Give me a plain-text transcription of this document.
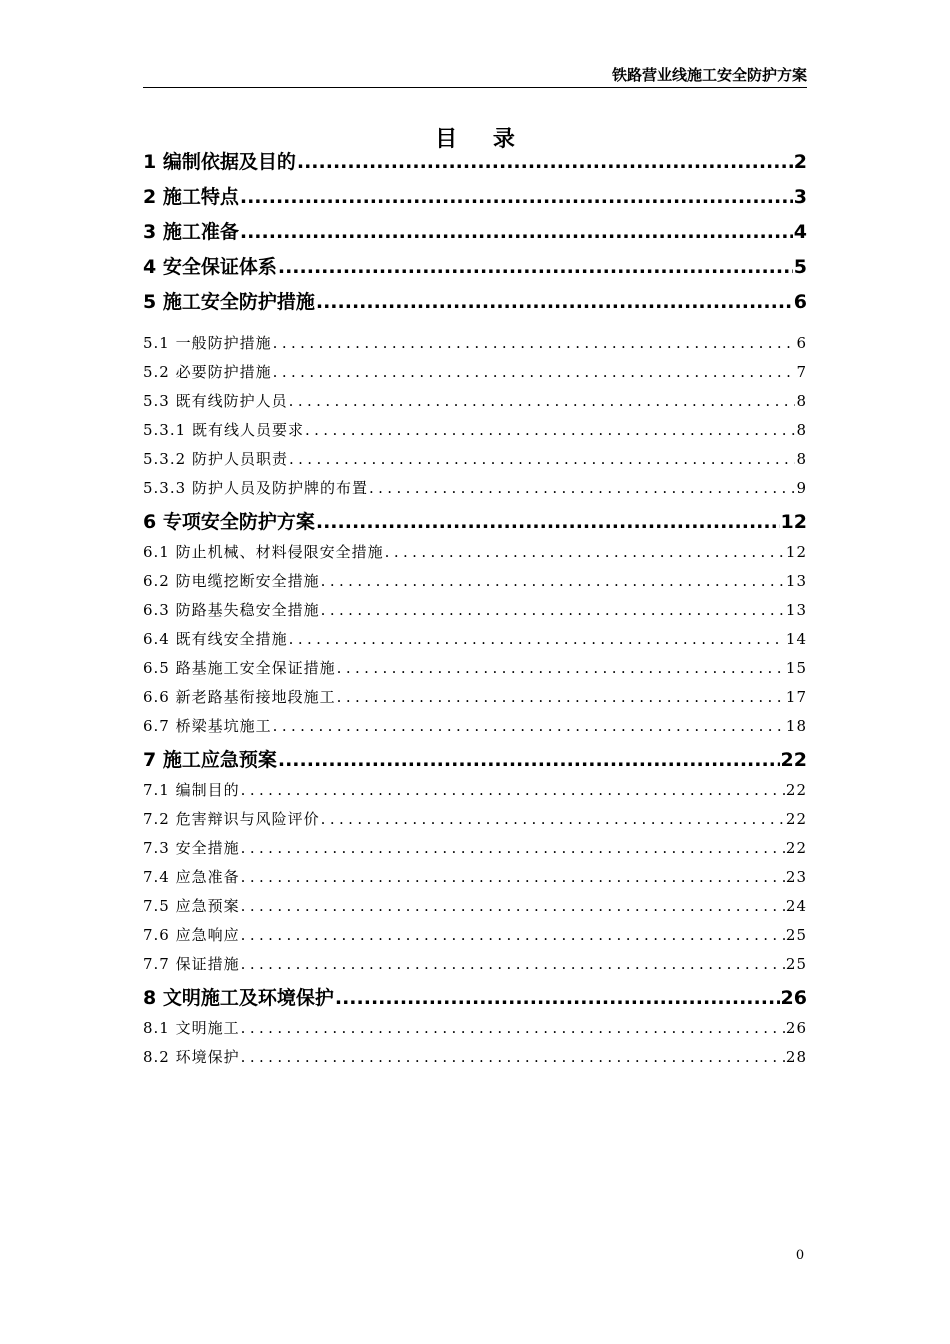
铁路营业线施工安全防护方案
目 录
1 编制依据及目的 .....	2
2 施工特点 .....	3
3 施工准备 .....	4
4 安全保证体系 .....	5
5 施工安全防护措施 .....	6
5.1 一般防护措施 .....	6
5.2 必要防护措施 .....	7
5.3 既有线防护人员 .....	8
5.3.1 既有线人员要求 .....	8
5.3.2 防护人员职责 .....	8
5.3.3 防护人员及防护牌的布置 .....	9
6 专项安全防护方案 .....	12
6.1 防止机械、材料侵限安全措施 .....	12
6.2 防电缆挖断安全措施 .....	13
6.3 防路基失稳安全措施 .....	13
6.4 既有线安全措施 .....	14
6.5 路基施工安全保证措施 .....	15
6.6 新老路基衔接地段施工 .....	17
6.7 桥梁基坑施工 .....	18
7 施工应急预案 .....	22
7.1 编制目的 .....	22
7.2 危害辩识与风险评价 .....	22
7.3 安全措施 .....	22
7.4 应急准备 .....	23
7.5 应急预案 .....	24
7.6 应急响应 .....	25
7.7 保证措施 .....	25
8 文明施工及环境保护 .....	26
8.1 文明施工 .....	26
8.2 环境保护 .....	28
0
